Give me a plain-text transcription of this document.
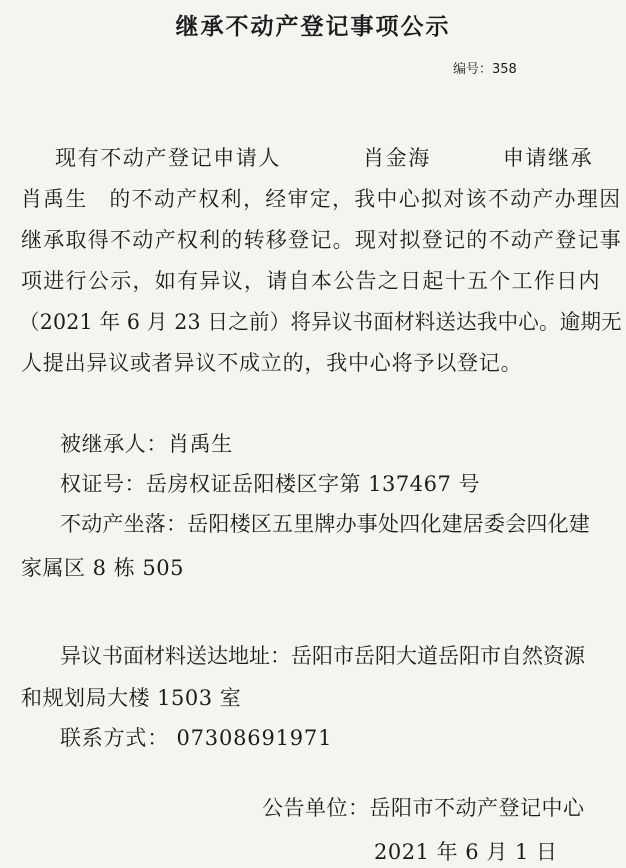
继承不动产登记事项公示
编号：358
现有不动产登记申请人	肖金海	申请继承
肖禹生 的不动产权利，经审定，我中心拟对该不动产办理因
继承取得不动产权利的转移登记。现对拟登记的不动产登记事
项进行公示，如有异议，请自本公告之日起十五个工作日内
（2021 年 6 月 23 日之前）将异议书面材料送达我中心。逾期无
人提出异议或者异议不成立的，我中心将予以登记。
被继承人：肖禹生
权证号：岳房权证岳阳楼区字第 137467 号
不动产坐落：岳阳楼区五里牌办事处四化建居委会四化建
家属区 8 栋 505
异议书面材料送达地址：岳阳市岳阳大道岳阳市自然资源
和规划局大楼 1503 室
联系方式： 07308691971
公告单位：岳阳市不动产登记中心
2021 年 6 月 1 日
